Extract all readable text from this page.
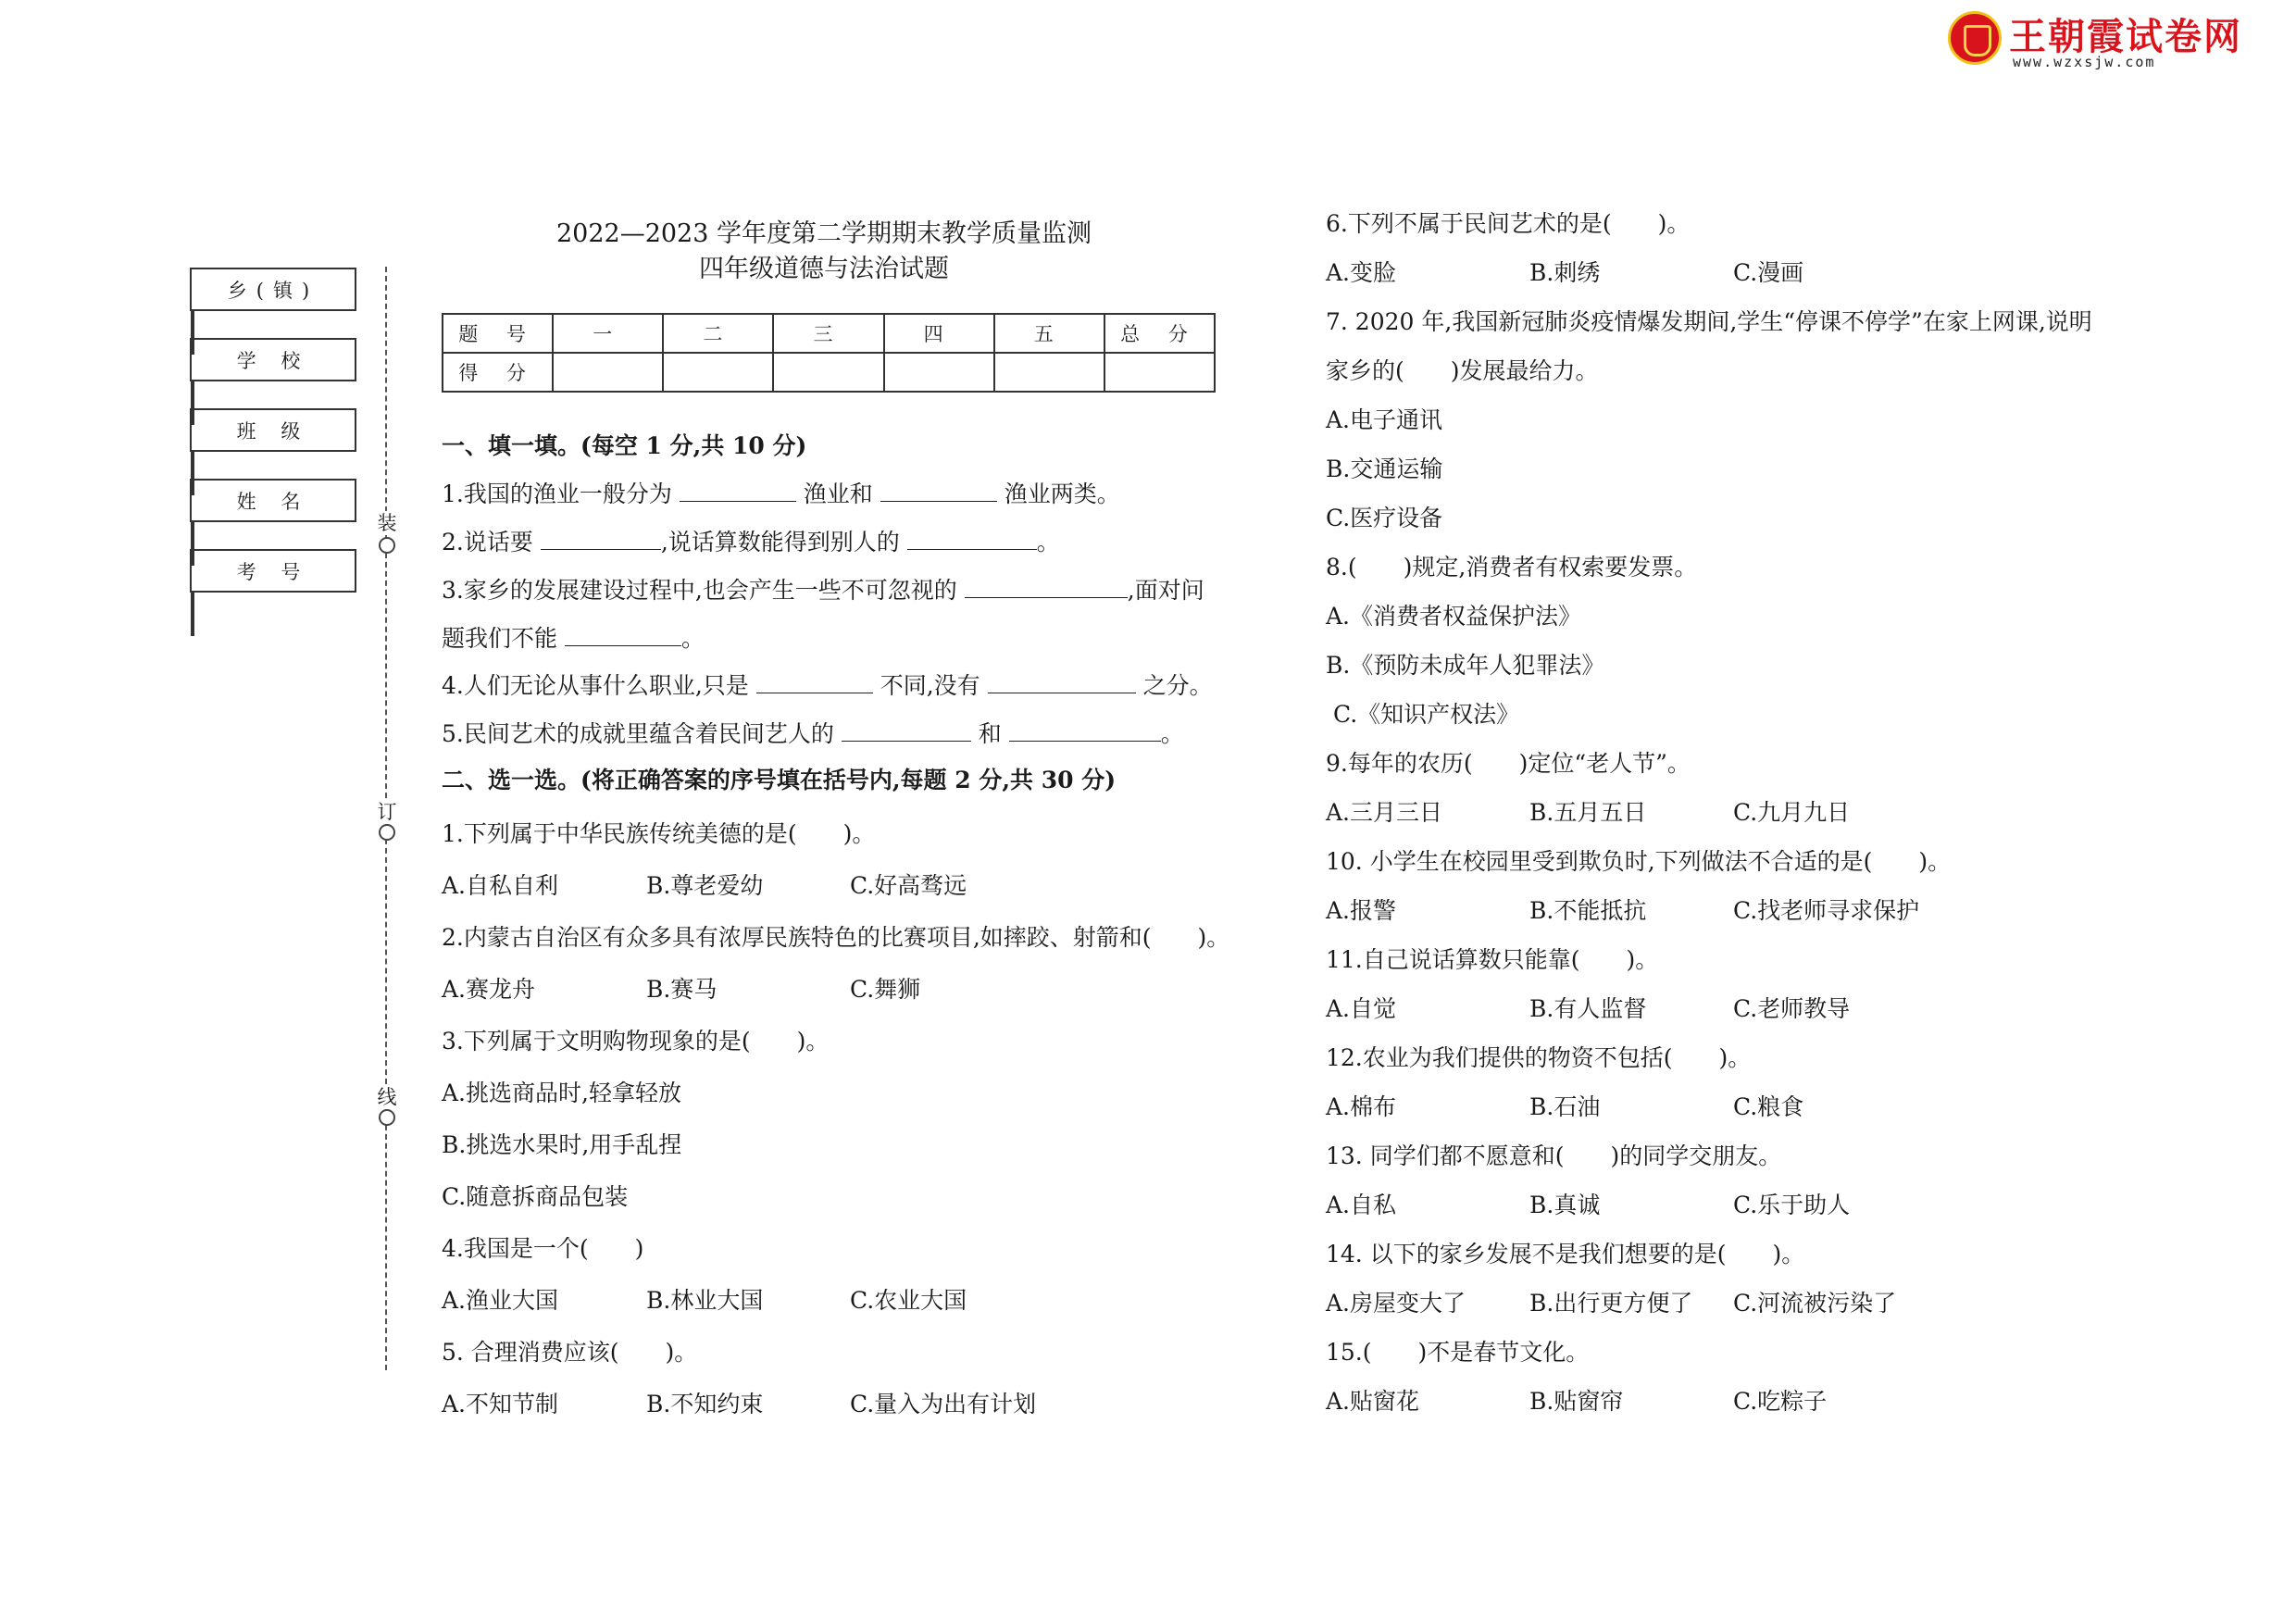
王朝霞试卷网
www.wzxsjw.com
乡(镇)
学 校
班 级
姓 名
考 号

装
订
线
2022—2023 学年度第二学期期末教学质量监测
四年级道德与法治试题
题 号	一	二	三	四	五	总 分
得 分						
一、填一填。(每空 1 分,共 10 分)
1.我国的渔业一般分为	渔业和	渔业两类。
2.说话要	,说话算数能得到别人的	。
3.家乡的发展建设过程中,也会产生一些不可忽视的	,面对问
题我们不能	。
4.人们无论从事什么职业,只是	不同,没有	之分。
5.民间艺术的成就里蕴含着民间艺人的	和	。
二、选一选。(将正确答案的序号填在括号内,每题 2 分,共 30 分)
1.下列属于中华民族传统美德的是(　　)。
A.自私自利	B.尊老爱幼	C.好高骛远
2.内蒙古自治区有众多具有浓厚民族特色的比赛项目,如摔跤、射箭和(　　)。
A.赛龙舟	B.赛马	C.舞狮
3.下列属于文明购物现象的是(　　)。
A.挑选商品时,轻拿轻放
B.挑选水果时,用手乱捏
C.随意拆商品包装
4.我国是一个(　　)
A.渔业大国	B.林业大国	C.农业大国
5. 合理消费应该(　　)。
A.不知节制	B.不知约束	C.量入为出有计划
6.下列不属于民间艺术的是(　　)。
A.变脸	B.刺绣	C.漫画
7. 2020 年,我国新冠肺炎疫情爆发期间,学生“停课不停学”在家上网课,说明
家乡的(　　)发展最给力。
A.电子通讯
B.交通运输
C.医疗设备
8.(　　)规定,消费者有权索要发票。
A.《消费者权益保护法》
B.《预防未成年人犯罪法》
C.《知识产权法》
9.每年的农历(　　)定位“老人节”。
A.三月三日	B.五月五日	C.九月九日
10. 小学生在校园里受到欺负时,下列做法不合适的是(　　)。
A.报警	B.不能抵抗	C.找老师寻求保护
11.自己说话算数只能靠(　　)。
A.自觉	B.有人监督	C.老师教导
12.农业为我们提供的物资不包括(　　)。
A.棉布	B.石油	C.粮食
13. 同学们都不愿意和(　　)的同学交朋友。
A.自私	B.真诚	C.乐于助人
14. 以下的家乡发展不是我们想要的是(　　)。
A.房屋变大了	B.出行更方便了 C.河流被污染了
15.(　　)不是春节文化。
A.贴窗花	B.贴窗帘	C.吃粽子
